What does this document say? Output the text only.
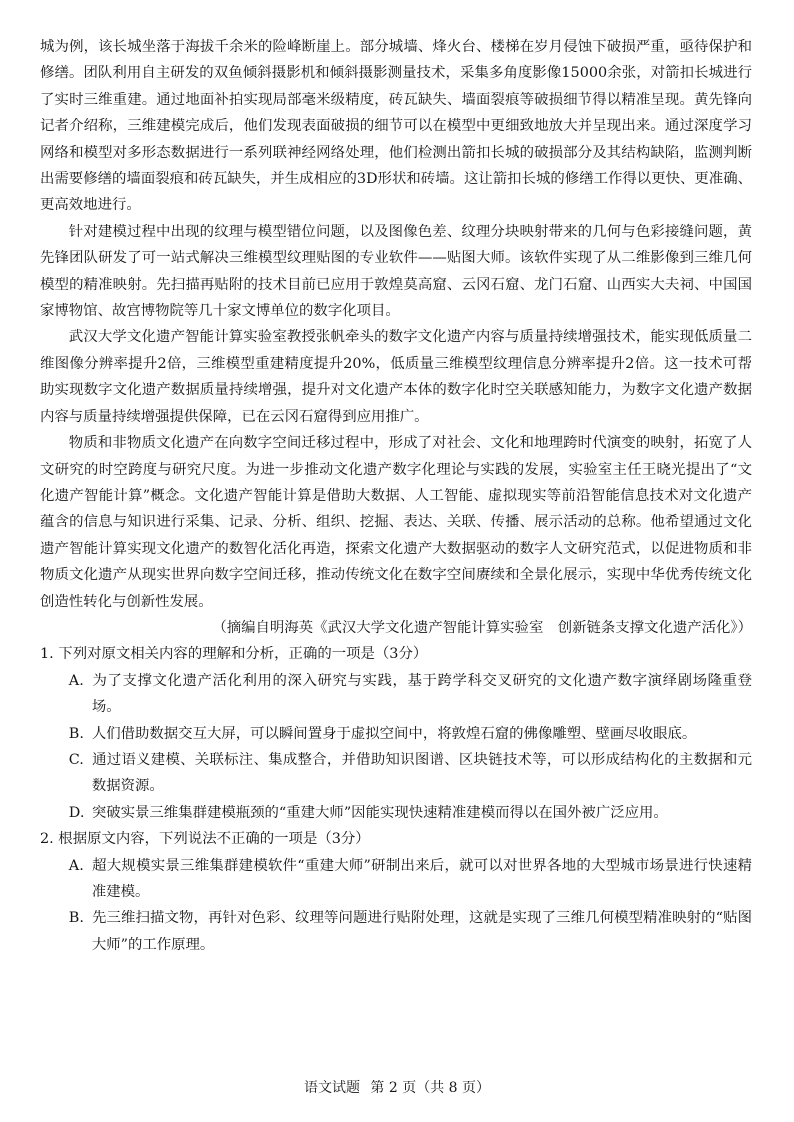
城为例，该长城坐落于海拔千余米的险峰断崖上。部分城墙、烽火台、楼梯在岁月侵蚀下破损严重，亟待保护和修缮。团队利用自主研发的双鱼倾斜摄影机和倾斜摄影测量技术，采集多角度影像15000余张，对箭扣长城进行了实时三维重建。通过地面补拍实现局部毫米级精度，砖瓦缺失、墙面裂痕等破损细节得以精准呈现。黄先锋向记者介绍称，三维建模完成后，他们发现表面破损的细节可以在模型中更细致地放大并呈现出来。通过深度学习网络和模型对多形态数据进行一系列联神经网络处理，他们检测出箭扣长城的破损部分及其结构缺陷，监测判断出需要修缮的墙面裂痕和砖瓦缺失，并生成相应的3D形状和砖墙。这让箭扣长城的修缮工作得以更快、更准确、更高效地进行。

针对建模过程中出现的纹理与模型错位问题，以及图像色差、纹理分块映射带来的几何与色彩接缝问题，黄先锋团队研发了可一站式解决三维模型纹理贴图的专业软件——贴图大师。该软件实现了从二维影像到三维几何模型的精准映射。先扫描再贴附的技术目前已应用于敦煌莫高窟、云冈石窟、龙门石窟、山西实大夫祠、中国国家博物馆、故宫博物院等几十家文博单位的数字化项目。

武汉大学文化遗产智能计算实验室教授张帆牵头的数字文化遗产内容与质量持续增强技术，能实现低质量二维图像分辨率提升2倍，三维模型重建精度提升20%，低质量三维模型纹理信息分辨率提升2倍。这一技术可帮助实现数字文化遗产数据质量持续增强，提升对文化遗产本体的数字化时空关联感知能力，为数字文化遗产数据内容与质量持续增强提供保障，已在云冈石窟得到应用推广。

物质和非物质文化遗产在向数字空间迁移过程中，形成了对社会、文化和地理跨时代演变的映射，拓宽了人文研究的时空跨度与研究尺度。为进一步推动文化遗产数字化理论与实践的发展，实验室主任王晓光提出了“文化遗产智能计算”概念。文化遗产智能计算是借助大数据、人工智能、虚拟现实等前沿智能信息技术对文化遗产蕴含的信息与知识进行采集、记录、分析、组织、挖掘、表达、关联、传播、展示活动的总称。他希望通过文化遗产智能计算实现文化遗产的数智化活化再造，探索文化遗产大数据驱动的数字人文研究范式，以促进物质和非物质文化遗产从现实世界向数字空间迁移，推动传统文化在数字空间赓续和全景化展示，实现中华优秀传统文化创造性转化与创新性发展。

（摘编自明海英《武汉大学文化遗产智能计算实验室　创新链条支撑文化遗产活化》）

1. 下列对原文相关内容的理解和分析，正确的一项是（3分）

A. 为了支撑文化遗产活化利用的深入研究与实践，基于跨学科交叉研究的文化遗产数字演绎剧场隆重登场。

B. 人们借助数据交互大屏，可以瞬间置身于虚拟空间中，将敦煌石窟的佛像雕塑、壁画尽收眼底。

C. 通过语义建模、关联标注、集成整合，并借助知识图谱、区块链技术等，可以形成结构化的主数据和元数据资源。

D. 突破实景三维集群建模瓶颈的“重建大师”因能实现快速精准建模而得以在国外被广泛应用。

2. 根据原文内容，下列说法不正确的一项是（3分）

A. 超大规模实景三维集群建模软件“重建大师”研制出来后，就可以对世界各地的大型城市场景进行快速精准建模。

B. 先三维扫描文物，再针对色彩、纹理等问题进行贴附处理，这就是实现了三维几何模型精准映射的“贴图大师”的工作原理。

语文试题 第 2 页（共 8 页）
